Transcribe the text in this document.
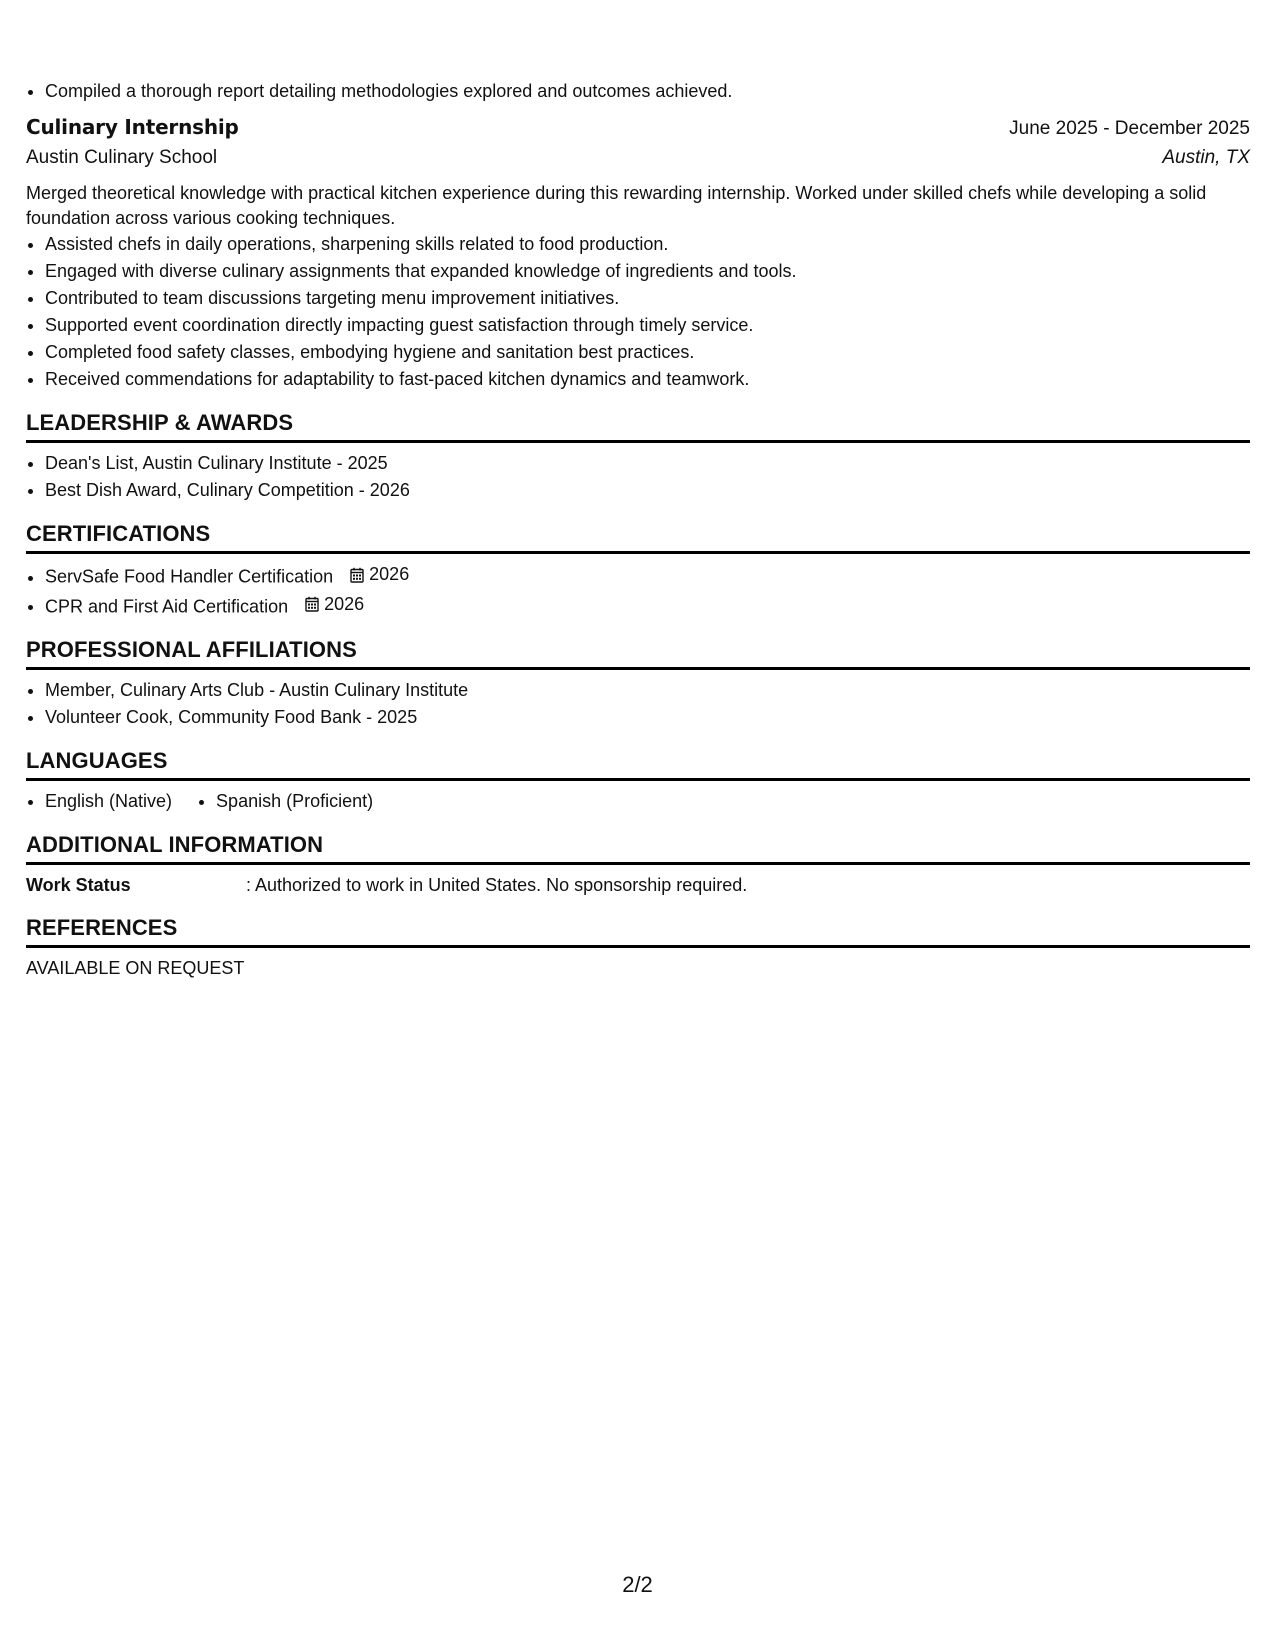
• Compiled a thorough report detailing methodologies explored and outcomes achieved.
Culinary Internship	June 2025 - December 2025
Austin Culinary School	Austin, TX

Merged theoretical knowledge with practical kitchen experience during this rewarding internship. Worked under skilled chefs while developing a solid foundation across various cooking techniques.

• Assisted chefs in daily operations, sharpening skills related to food production.
• Engaged with diverse culinary assignments that expanded knowledge of ingredients and tools.
• Contributed to team discussions targeting menu improvement initiatives.
• Supported event coordination directly impacting guest satisfaction through timely service.
• Completed food safety classes, embodying hygiene and sanitation best practices.
• Received commendations for adaptability to fast-paced kitchen dynamics and teamwork.
LEADERSHIP & AWARDS
• Dean's List, Austin Culinary Institute - 2025
• Best Dish Award, Culinary Competition - 2026
CERTIFICATIONS
• ServSafe Food Handler Certification 2026
• CPR and First Aid Certification 2026
PROFESSIONAL AFFILIATIONS
• Member, Culinary Arts Club - Austin Culinary Institute
• Volunteer Cook, Community Food Bank - 2025
LANGUAGES
• English (Native)
• Spanish (Proficient)
ADDITIONAL INFORMATION
Work Status	: Authorized to work in United States. No sponsorship required.
REFERENCES
AVAILABLE ON REQUEST
2/2
